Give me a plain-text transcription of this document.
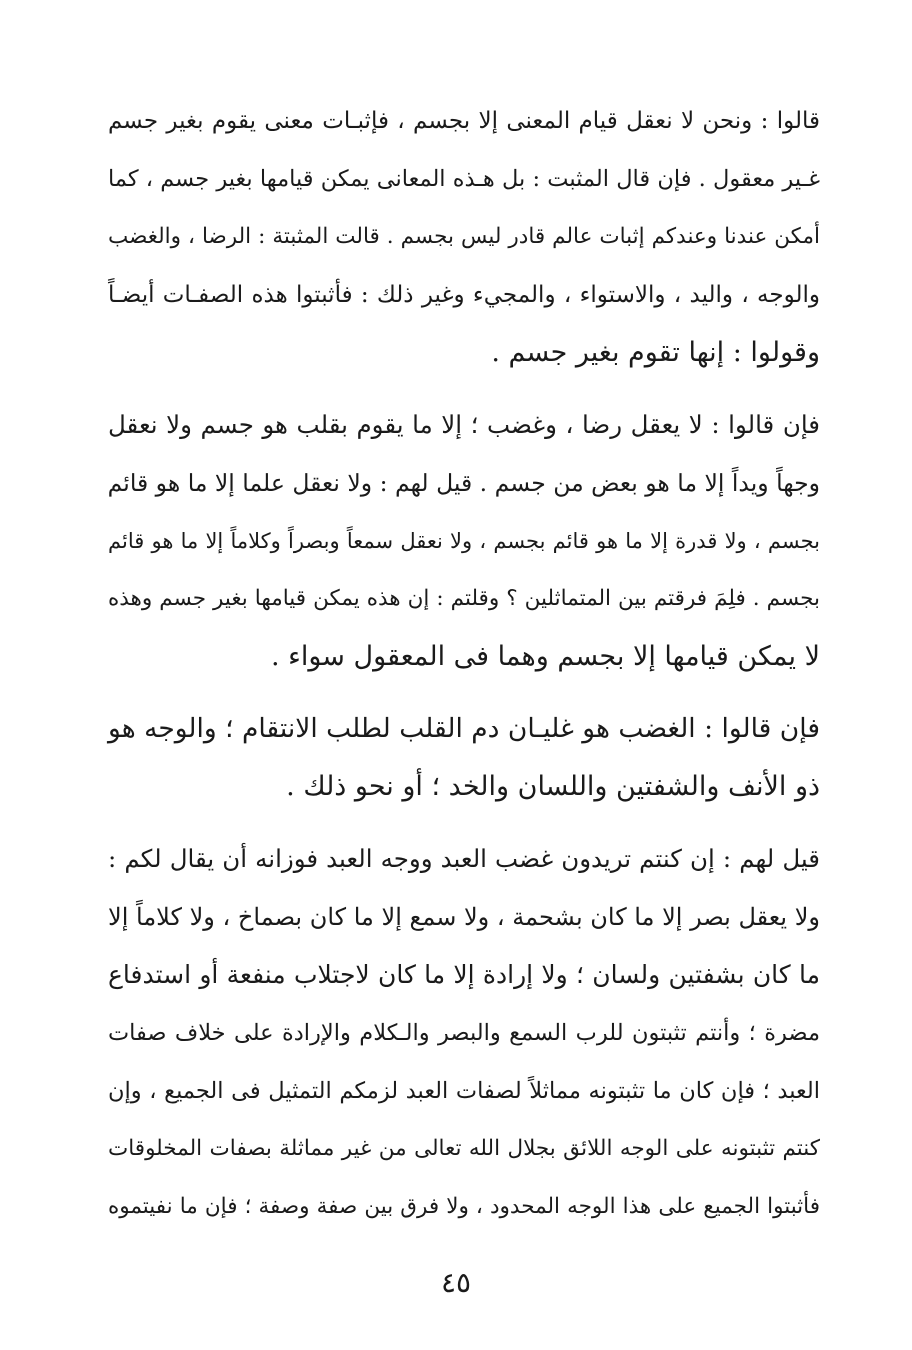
قالوا : ونحن لا نعقل قيام المعنى إلا بجسم ، فإثبـات معنى يقوم بغير جسم
غـير معقول . فإن قال المثبت : بل هـذه المعانى يمكن قيامها بغير جسم ، كما
أمكن عندنا وعندكم إثبات عالم قادر ليس بجسم . قالت المثبتة : الرضا ، والغضب
والوجه ، واليد ، والاستواء ، والمجيء وغير ذلك : فأثبتوا هذه الصفـات أيضـاً
وقولوا : إنها تقوم بغير جسم .
فإن قالوا : لا يعقل رضا ، وغضب ؛ إلا ما يقوم بقلب هو جسم ولا نعقل
وجهاً ويداً إلا ما هو بعض من جسم . قيل لهم : ولا نعقل علما إلا ما هو قائم
بجسم ، ولا قدرة إلا ما هو قائم بجسم ، ولا نعقل سمعاً وبصراً وكلاماً إلا ما هو قائم
بجسم . فلِمَ فرقتم بين المتماثلين ؟ وقلتم : إن هذه يمكن قيامها بغير جسم وهذه
لا يمكن قيامها إلا بجسم وهما فى المعقول سواء .
فإن قالوا : الغضب هو غليـان دم القلب لطلب الانتقام ؛ والوجه هو
ذو الأنف والشفتين واللسان والخد ؛ أو نحو ذلك .
قيل لهم : إن كنتم تريدون غضب العبد ووجه العبد فوزانه أن يقال لكم :
ولا يعقل بصر إلا ما كان بشحمة ، ولا سمع إلا ما كان بصماخ ، ولا كلاماً إلا
ما كان بشفتين ولسان ؛ ولا إرادة إلا ما كان لاجتلاب منفعة أو استدفاع
مضرة ؛ وأنتم تثبتون للرب السمع والبصر والـكلام والإرادة على خلاف صفات
العبد ؛ فإن كان ما تثبتونه مماثلاً لصفات العبد لزمكم التمثيل فى الجميع ، وإن
كنتم تثبتونه على الوجه اللائق بجلال الله تعالى من غير مماثلة بصفات المخلوقات
فأثبتوا الجميع على هذا الوجه المحدود ، ولا فرق بين صفة وصفة ؛ فإن ما نفيتموه
٤٥
